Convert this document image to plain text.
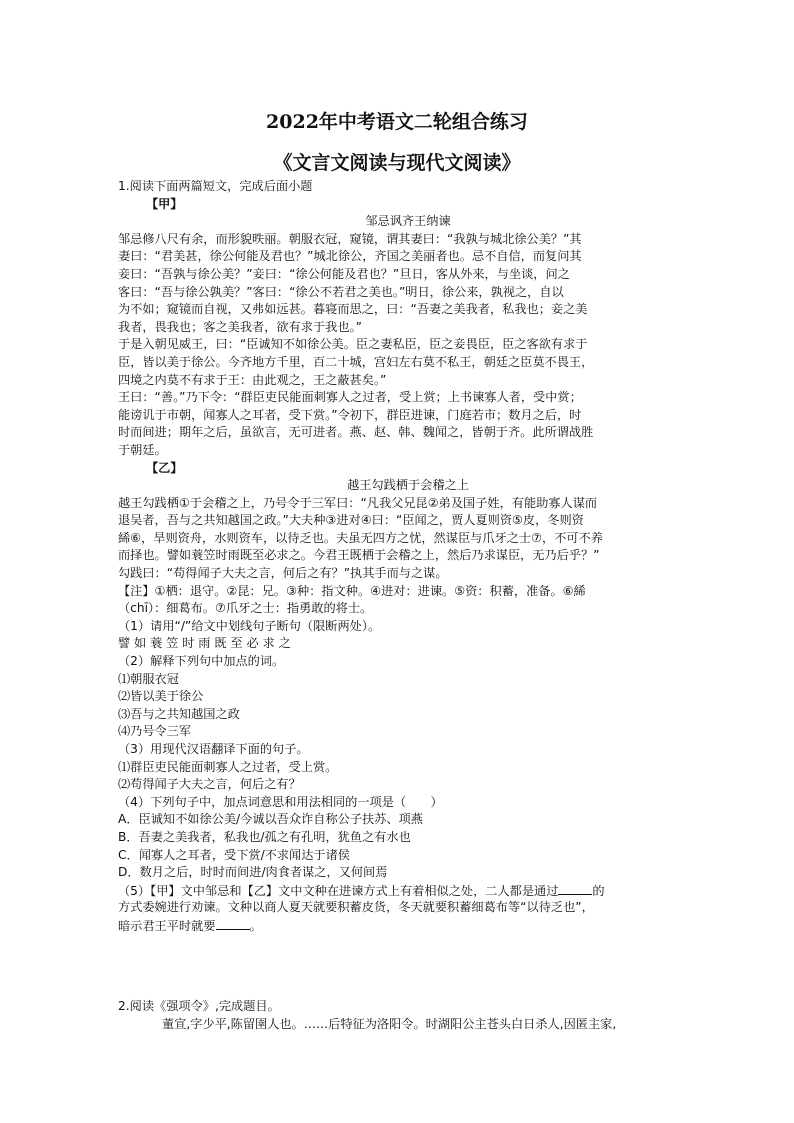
2022年中考语文二轮组合练习
《文言文阅读与现代文阅读》
1.阅读下面两篇短文，完成后面小题
【甲】
邹忌讽齐王纳谏
邹忌修八尺有余，而形貌昳丽。朝服衣冠，窥镜，谓其妻曰：“我孰与城北徐公美？”其
妻曰：“君美甚，徐公何能及君也？”城北徐公，齐国之美丽者也。忌不自信，而复问其
妾曰：“吾孰与徐公美？”妾曰：“徐公何能及君也？”旦日，客从外来，与坐谈，问之
客曰：“吾与徐公孰美？”客曰：“徐公不若君之美也。”明日，徐公来，孰视之，自以
为不如；窥镜而自视，又弗如远甚。暮寝而思之，曰：“吾妻之美我者，私我也；妾之美
我者，畏我也；客之美我者，欲有求于我也。”
于是入朝见威王，曰：“臣诚知不如徐公美。臣之妻私臣，臣之妾畏臣，臣之客欲有求于
臣，皆以美于徐公。今齐地方千里，百二十城，宫妇左右莫不私王，朝廷之臣莫不畏王，
四境之内莫不有求于王：由此观之，王之蔽甚矣。”
王曰：“善。”乃下令：“群臣吏民能面刺寡人之过者，受上赏；上书谏寡人者，受中赏；
能谤讥于市朝，闻寡人之耳者，受下赏。”令初下，群臣进谏，门庭若市；数月之后，时
时而间进；期年之后，虽欲言，无可进者。燕、赵、韩、魏闻之，皆朝于齐。此所谓战胜
于朝廷。
【乙】
越王勾践栖于会稽之上
越王勾践栖①于会稽之上，乃号令于三军曰：“凡我父兄昆②弟及国子姓，有能助寡人谋而
退吴者，吾与之共知越国之政。”大夫种③进对④曰：“臣闻之，贾人夏则资⑤皮，冬则资
絺⑥，旱则资舟，水则资车，以待乏也。夫虽无四方之忧，然谋臣与爪牙之士⑦，不可不养
而择也。譬如蓑笠时雨既至必求之。今君王既栖于会稽之上，然后乃求谋臣，无乃后乎？”
勾践曰：“苟得闻子大夫之言，何后之有？”执其手而与之谋。
【注】①栖：退守。②昆：兄。③种：指文种。④进对：进谏。⑤资：积蓄，准备。⑥絺
（chī）：细葛布。⑦爪牙之士：指勇敢的将士。
（1）请用“/”给文中划线句子断句（限断两处）。
譬 如 蓑 笠 时 雨 既 至 必 求 之
（2）解释下列句中加点的词。
⑴朝服衣冠
⑵皆以美于徐公
⑶吾与之共知越国之政
⑷乃号令三军
（3）用现代汉语翻译下面的句子。
⑴群臣吏民能面刺寡人之过者，受上赏。
⑵苟得闻子大夫之言，何后之有？
（4）下列句子中，加点词意思和用法相同的一项是（　　）
A．臣诚知不如徐公美/今诚以吾众诈自称公子扶苏、项燕
B．吾妻之美我者，私我也/孤之有孔明，犹鱼之有水也
C．闻寡人之耳者，受下赏/不求闻达于诸侯
D．数月之后，时时而间进/肉食者谋之，又何间焉
（5）【甲】文中邹忌和【乙】文中文种在进谏方式上有着相似之处，二人都是通过	的
方式委婉进行劝谏。文种以商人夏天就要积蓄皮货，冬天就要积蓄细葛布等“以待乏也”，
暗示君王平时就要	。
2.阅读《强项令》,完成题目。
董宣,字少平,陈留圉人也。……后特征为洛阳令。时湖阳公主苍头白日杀人,因匿主家,
